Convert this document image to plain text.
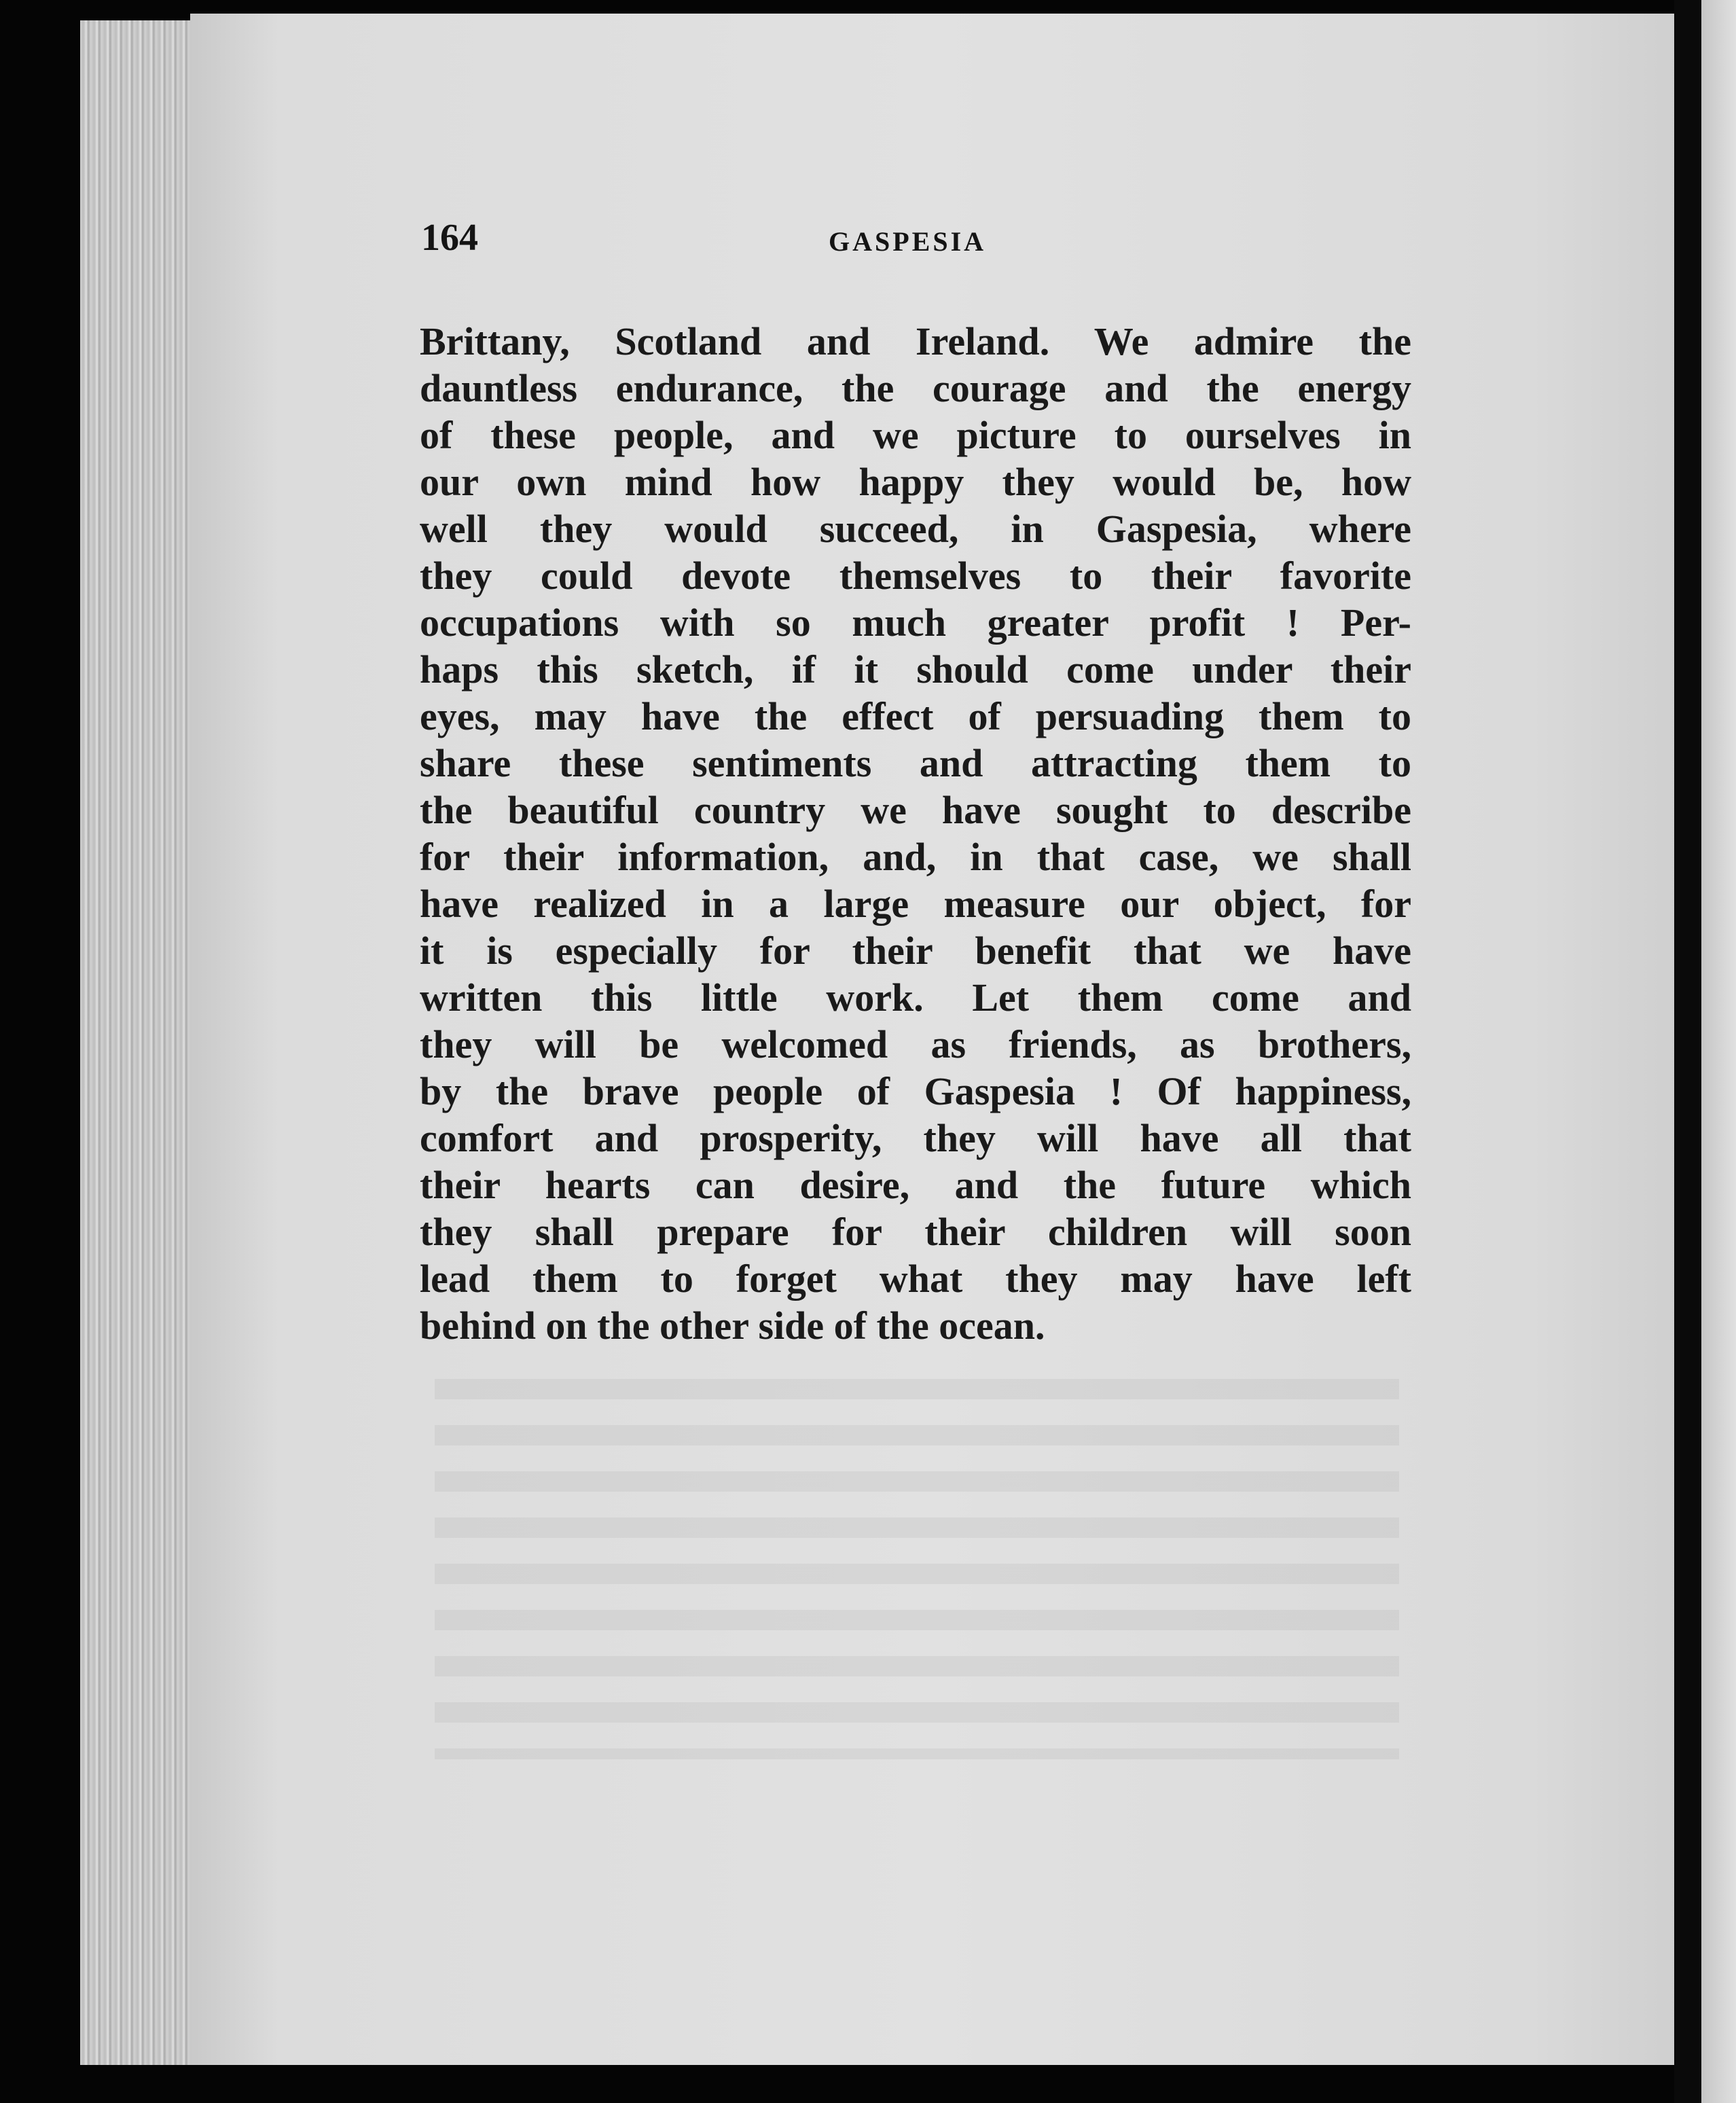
164	GASPESIA
Brittany, Scotland and Ireland. We admire the
dauntless endurance, the courage and the energy
of these people, and we picture to ourselves in
our own mind how happy they would be, how
well they would succeed, in Gaspesia, where
they could devote themselves to their favorite
occupations with so much greater profit ! Per-
haps this sketch, if it should come under their
eyes, may have the effect of persuading them to
share these sentiments and attracting them to
the beautiful country we have sought to describe
for their information, and, in that case, we shall
have realized in a large measure our object, for
it is especially for their benefit that we have
written this little work. Let them come and
they will be welcomed as friends, as brothers,
by the brave people of Gaspesia ! Of happiness,
comfort and prosperity, they will have all that
their hearts can desire, and the future which
they shall prepare for their children will soon
lead them to forget what they may have left
behind on the other side of the ocean.
